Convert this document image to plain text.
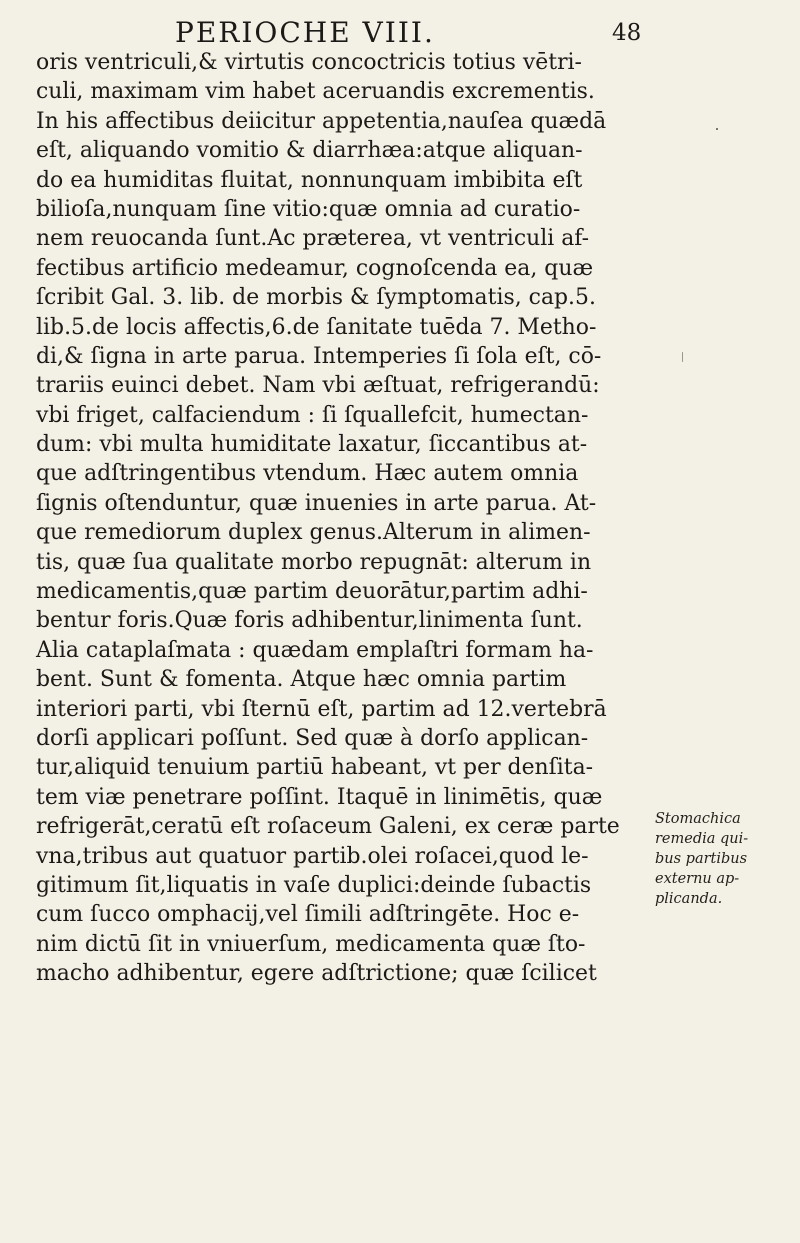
PERIOCHE VIII.	48
oris ventriculi,& virtutis concoctricis totius vētri-
culi, maximam vim habet aceruandis excrementis.
In his affectibus deiicitur appetentia,nauſea quædā
eſt, aliquando vomitio & diarrhæa:atque aliquan-
do ea humiditas fluitat, nonnunquam imbibita eſt
bilioſa,nunquam ſine vitio:quæ omnia ad curatio-
nem reuocanda ſunt.Ac præterea, vt ventriculi af-
fectibus artificio medeamur, cognoſcenda ea, quæ
ſcribit Gal. 3. lib. de morbis & ſymptomatis, cap.5.
lib.5.de locis affectis,6.de ſanitate tuēda 7. Metho-
di,& ſigna in arte parua. Intemperies ſi ſola eſt, cō-
trariis euinci debet. Nam vbi æſtuat, refrigerandū:
vbi friget, calfaciendum : ſi ſquallefcit, humectan-
dum: vbi multa humiditate laxatur, ſiccantibus at-
que adſtringentibus vtendum. Hæc autem omnia
ſignis oſtenduntur, quæ inuenies in arte parua. At-
que remediorum duplex genus.Alterum in alimen-
tis, quæ ſua qualitate morbo repugnāt: alterum in
medicamentis,quæ partim deuorātur,partim adhi-
bentur foris.Quæ foris adhibentur,linimenta ſunt.
Alia cataplaſmata : quædam emplaſtri formam ha-
bent. Sunt & fomenta. Atque hæc omnia partim
interiori parti, vbi ſternū eſt, partim ad 12.vertebrā
dorſi applicari poſſunt. Sed quæ à dorſo applican-
tur,aliquid tenuium partiū habeant, vt per denſita-
tem viæ penetrare poſſint. Itaquē in linimētis, quæ
refrigerāt,ceratū eſt roſaceum Galeni, ex ceræ parte
vna,tribus aut quatuor partib.olei roſacei,quod le-
gitimum ſit,liquatis in vaſe duplici:deinde ſubactis
cum ſucco omphacij,vel ſimili adſtringēte. Hoc e-
nim dictū ſit in vniuerſum, medicamenta quæ ſto-
macho adhibentur, egere adſtrictione; quæ ſcilicet
Stomachica
remedia qui-
bus partibus
externu ap-
plicanda.
